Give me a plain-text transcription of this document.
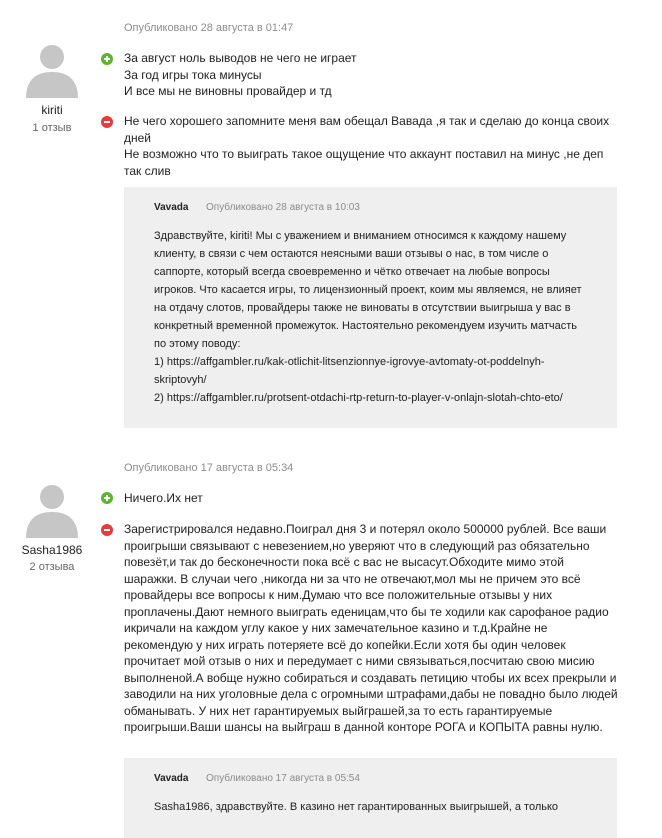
Опубликовано 28 августа в 01:47
kiriti
1 отзыв

За август ноль выводов не чего не играет
За год игры тока минусы
И все мы не виновны провайдер и тд

Не чего хорошего запомните меня вам обещал Вавада ,я так и сделаю до конца своих дней
Не возможно что то выиграть такое ощущение что аккаунт поставил на минус ,не деп так слив

Vavada Опубликовано 28 августа в 10:03

Здравствуйте, kiriti! Мы с уважением и вниманием относимся к каждому нашему клиенту, в связи с чем остаются неясными ваши отзывы о нас, в том числе о саппорте, который всегда своевременно и чётко отвечает на любые вопросы игроков. Что касается игры, то лицензионный проект, коим мы являемся, не влияет на отдачу слотов, провайдеры также не виноваты в отсутствии выигрыша у вас в конкретный временной промежуток. Настоятельно рекомендуем изучить матчасть по этому поводу:

1) https://affgambler.ru/kak-otlichit-litsenzionnye-igrovye-avtomaty-ot-poddelnyh-skriptovyh/

2) https://affgambler.ru/protsent-otdachi-rtp-return-to-player-v-onlajn-slotah-chto-eto/

Опубликовано 17 августа в 05:34
Sasha1986
2 отзыва

Ничего.Их нет

Зарегистрировался недавно.Поиграл дня 3 и потерял около 500000 рублей. Все ваши проигрыши связывают с невезением,но уверяют что в следующий раз обязательно повезёт,и так до бесконечности пока всё с вас не высасут.Обходите мимо этой шаражки. В случаи чего ,никогда ни за что не отвечают,мол мы не причем это всё провайдеры все вопросы к ним.Думаю что все положительные отзывы у них проплачены.Дают немного выиграть еденицам,что бы те ходили как сарофаное радио икричали на каждом углу какое у них замечательное казино и т.д.Крайне не рекомендую у них играть потеряете всё до копейки.Если хотя бы один человек прочитает мой отзыв о них и передумает с ними связываться,посчитаю свою мисию выполненой.А вобще нужно собираться и создавать петицию чтобы их всех прекрыли и заводили на них уголовные дела с огромными штрафами,дабы не повадно было людей обманывать. У них нет гарантируемых выйграшей,за то есть гарантируемые проигрыши.Ваши шансы на выйграш в данной конторе РОГА и КОПЫТА равны нулю.

Vavada Опубликовано 17 августа в 05:54

Sasha1986, здравствуйте. В казино нет гарантированных выигрышей, а только
